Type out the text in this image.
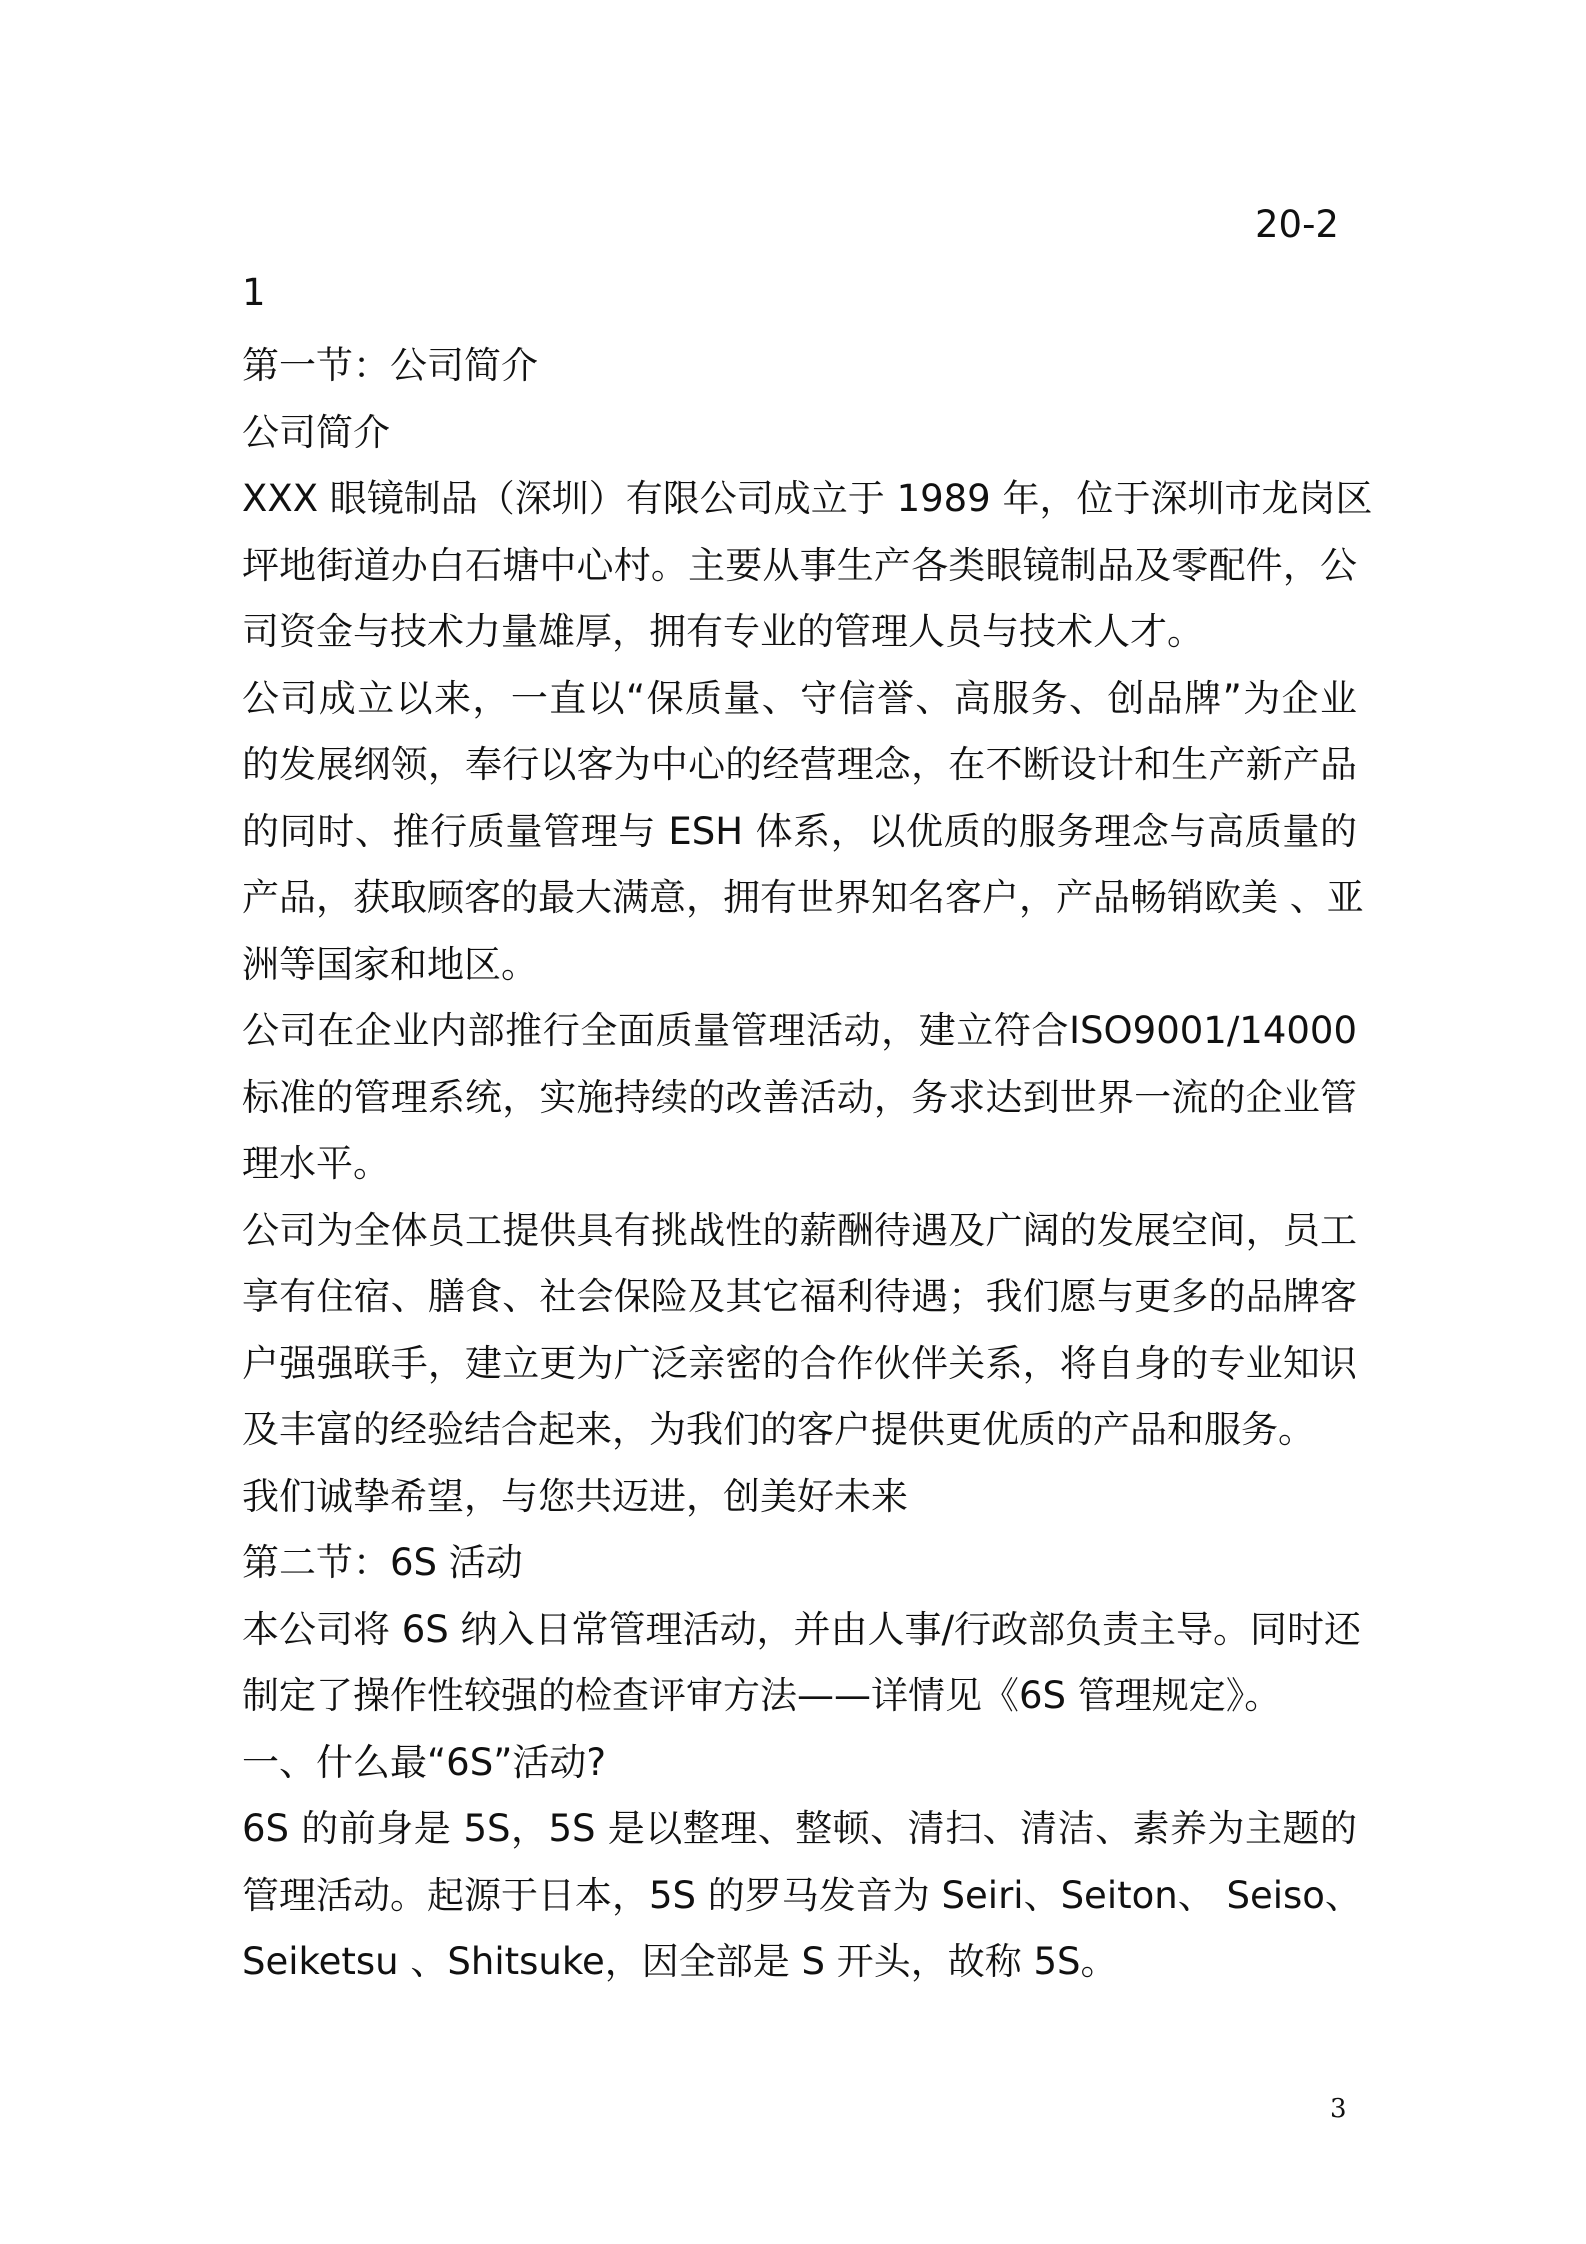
20-2
1
第一节：公司简介
公司简介
XXX 眼镜制品（深圳）有限公司成立于 1989 年，位于深圳市龙岗区
坪地街道办白石塘中心村。主要从事生产各类眼镜制品及零配件，公
司资金与技术力量雄厚，拥有专业的管理人员与技术人才。
公司成立以来，一直以“保质量、守信誉、高服务、创品牌”为企业
的发展纲领，奉行以客为中心的经营理念，在不断设计和生产新产品
的同时、推行质量管理与 ESH 体系，以优质的服务理念与高质量的
产品，获取顾客的最大满意，拥有世界知名客户，产品畅销欧美 、亚
洲等国家和地区。
公司在企业内部推行全面质量管理活动，建立符合ISO9001/14000
标准的管理系统，实施持续的改善活动，务求达到世界一流的企业管
理水平。
公司为全体员工提供具有挑战性的薪酬待遇及广阔的发展空间，员工
享有住宿、膳食、社会保险及其它福利待遇；我们愿与更多的品牌客
户强强联手，建立更为广泛亲密的合作伙伴关系，将自身的专业知识
及丰富的经验结合起来，为我们的客户提供更优质的产品和服务。
我们诚挚希望，与您共迈进，创美好未来
第二节：6S 活动
本公司将 6S 纳入日常管理活动，并由人事/行政部负责主导。同时还
制定了操作性较强的检查评审方法——详情见《6S 管理规定》。
一、什么最“6S”活动?
6S 的前身是 5S，5S 是以整理、整顿、清扫、清洁、素养为主题的
管理活动。起源于日本，5S 的罗马发音为 Seiri、Seiton、 Seiso、
Seiketsu 、Shitsuke，因全部是 S 开头，故称 5S。
3
